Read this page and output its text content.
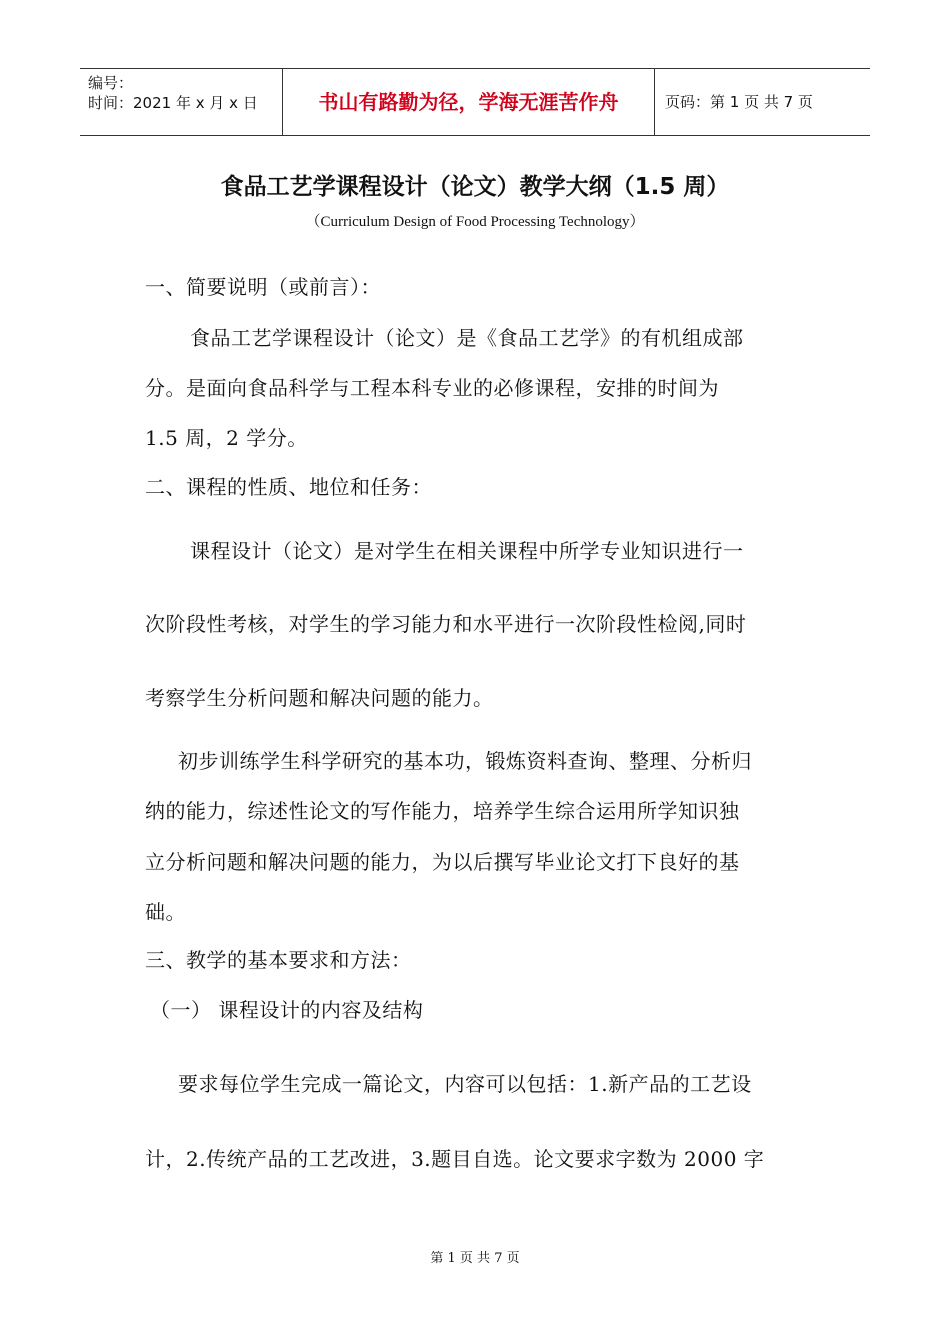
编号：
时间：2021 年 x 月 x 日	书山有路勤为径，学海无涯苦作舟	页码：第 1 页 共 7 页
食品工艺学课程设计（论文）教学大纲（1.5 周）
（Curriculum Design of Food Processing Technology）
一、简要说明（或前言）：
食品工艺学课程设计（论文）是《食品工艺学》的有机组成部
分。是面向食品科学与工程本科专业的必修课程，安排的时间为
1.5 周，2 学分。
二、课程的性质、地位和任务：
课程设计（论文）是对学生在相关课程中所学专业知识进行一
次阶段性考核，对学生的学习能力和水平进行一次阶段性检阅,同时
考察学生分析问题和解决问题的能力。
初步训练学生科学研究的基本功，锻炼资料查询、整理、分析归
纳的能力，综述性论文的写作能力，培养学生综合运用所学知识独
立分析问题和解决问题的能力，为以后撰写毕业论文打下良好的基
础。
三、教学的基本要求和方法：
（一） 课程设计的内容及结构
要求每位学生完成一篇论文，内容可以包括：1.新产品的工艺设
计，2.传统产品的工艺改进，3.题目自选。论文要求字数为 2000 字
第 1 页 共 7 页
